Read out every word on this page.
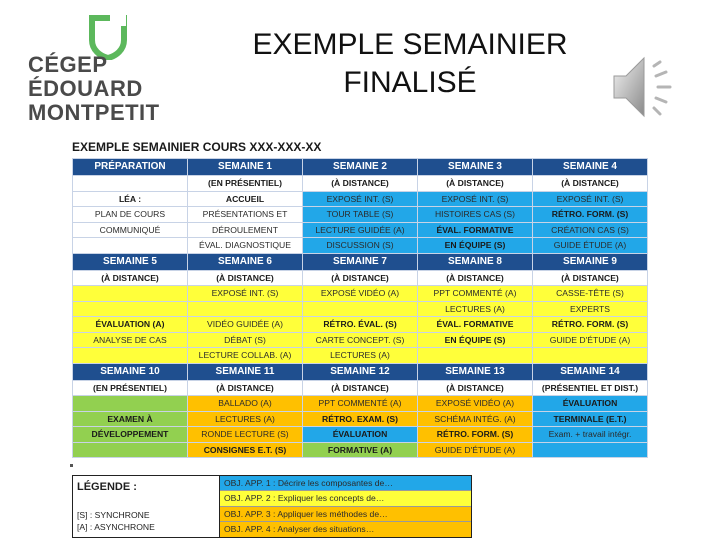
CÉGEP
ÉDOUARD
MONTPETIT
EXEMPLE SEMAINIER
FINALISÉ
EXEMPLE SEMAINIER COURS XXX-XXX-XX
PRÉPARATION	SEMAINE 1	SEMAINE 2	SEMAINE 3	SEMAINE 4
	(EN PRÉSENTIEL)	(À DISTANCE)	(À DISTANCE)	(À DISTANCE)
LÉA :	ACCUEIL	EXPOSÉ INT. (S)	EXPOSÉ INT. (S)	EXPOSÉ INT. (S)
PLAN DE COURS	PRÉSENTATIONS ET	TOUR TABLE (S)	HISTOIRES CAS (S)	RÉTRO. FORM. (S)
COMMUNIQUÉ	DÉROULEMENT	LECTURE GUIDÉE (A)	ÉVAL. FORMATIVE	CRÉATION CAS (S)
	ÉVAL. DIAGNOSTIQUE	DISCUSSION (S)	EN ÉQUIPE (S)	GUIDE ÉTUDE (A)
SEMAINE 5	SEMAINE 6	SEMAINE 7	SEMAINE 8	SEMAINE 9
(À DISTANCE)	(À DISTANCE)	(À DISTANCE)	(À DISTANCE)	(À DISTANCE)
	EXPOSÉ INT. (S)	EXPOSÉ VIDÉO (A)	PPT COMMENTÉ (A)	CASSE-TÊTE (S)
			LECTURES (A)	EXPERTS
ÉVALUATION (A)	VIDÉO GUIDÉE (A)	RÉTRO. ÉVAL. (S)	ÉVAL. FORMATIVE	RÉTRO. FORM. (S)
ANALYSE DE CAS	DÉBAT (S)	CARTE CONCEPT. (S)	EN ÉQUIPE (S)	GUIDE D'ÉTUDE (A)
	LECTURE COLLAB. (A)	LECTURES (A)		
SEMAINE 10	SEMAINE 11	SEMAINE 12	SEMAINE 13	SEMAINE 14
(EN PRÉSENTIEL)	(À DISTANCE)	(À DISTANCE)	(À DISTANCE)	(PRÉSENTIEL ET DIST.)
	BALLADO (A)	PPT COMMENTÉ (A)	EXPOSÉ VIDÉO (A)	ÉVALUATION
EXAMEN À	LECTURES (A)	RÉTRO. EXAM. (S)	SCHÉMA INTÉG. (A)	TERMINALE (E.T.)
DÉVELOPPEMENT	RONDE LECTURE (S)	ÉVALUATION	RÉTRO. FORM. (S)	Exam. + travail intégr.
	CONSIGNES E.T. (S)	FORMATIVE (A)	GUIDE D'ÉTUDE (A)	
LÉGENDE :
[S] : SYNCHRONE
[A] : ASYNCHRONE
OBJ. APP. 1 : Décrire les composantes de…
OBJ. APP. 2 : Expliquer les concepts de…
OBJ. APP. 3 : Appliquer les méthodes de…
OBJ. APP. 4 : Analyser des situations…
